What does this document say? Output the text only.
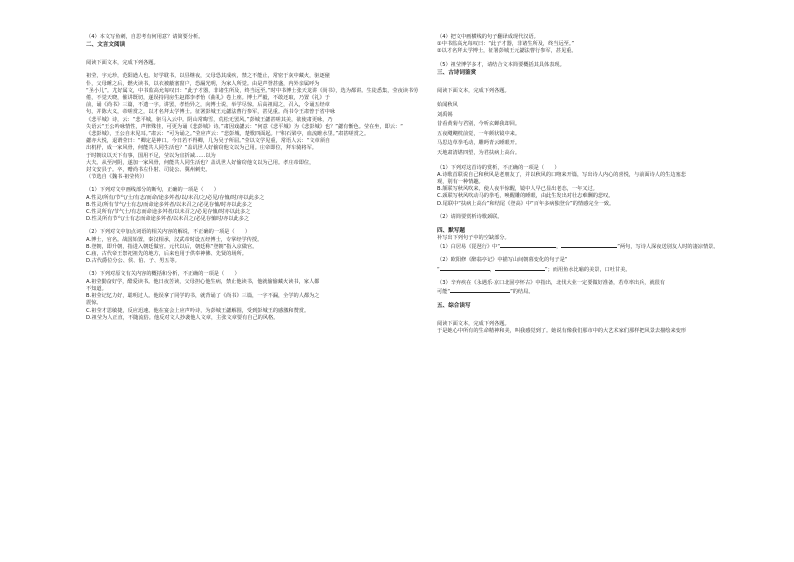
（4）本文写鱼刺，自思考有何用意？请简要分析。
二、文言文阅读
阅读下面文本，完成下列各题。
祖莹，字元珍，范阳遒人也。好学耽书，以昼继夜，父母恐其成疾，禁之不能止，常密于灰中藏火，驱逐僮
仆，父母睡之后，燃火读书，以衣被蔽塞窗户，恐漏光明，为家人所觉。由是声誉甚盛，内外亲属呼为
“圣小儿”。尤好属文，中书监高允每叹曰：“此子才器，非诸生所及，终当远至。”时中书博士张天龙讲《尚书》，选为都讲。生徒悉集，莹夜读书劳
倦，不觉天晓，催讲既切，遂误持同房生赵郡李孝怡《曲礼》卷上座。博士严毅，不敢还取，乃置《礼》于
前，诵《尚书》三篇，不遗一字。讲罢，孝怡异之，向博士说，举学尽惊。后高祖闻之，召入，令诵五经章
句，并陈大义，帝嗟赏之，以才名拜太学博士。征署彭城王元勰法曹行参军，甚见重。尚书令王肃曾于省中咏
《悲平城》诗，云：“悲平城，驱马入云中。阴山常晦雪，荒松无罢风。”彭城王勰甚嗟其美，欲使肃更咏，乃
失语云“王公吟咏情性，声律殊佳，可更为诵《悲彭城》诗。”肃因戏勰云：“何意《悲平城》为《悲彭城》也？”勰有惭色。莹在坐，即云：“
《悲彭城》，王公自未见耳。”肃云：“可为诵之。”莹应声云：“悲彭城，楚歌四面起。尸积石梁亭，血流睢水里。”肃甚嗟赏之。
勰亦大悦，退谓莹曰：“卿定是神口。今日若不得卿，几为吴子所屈。”莹以文学见重，常语人云：“文章须自
出机杼，成一家风骨，何能共人同生活也？”盖讥世人好偷窃他文以为己用。庄帝即位，拜车骑将军。
于时朝议以天下有事，国用不足，莹以为宜折减……以为
大夫。从至河阴，遂加一家风骨，何能共人同生活也？盖讥世人好偷窃他文以为己用。孝庄帝即位，
封文安县子。卒，赠尚书左仆射、司徒公、冀州刺史。
（节选自《魏书·祖莹传》）
（1）下列对文中画线部分的断句，正确的一项是（　　）
A.性灵/所有/节气/士/有志/而命/途多舛者/以/未召/之/必见/存恤/时/亦以此多之
B.性灵/所有节气/士有志/而命途多舛者/以未召之/必见存恤/时亦以此多之
C.性灵所有/节气士/有志而命途多舛者/以未召之/必见存恤/时亦以此多之
D.性灵所有节气/士有志而命途多舛者/以未召之/必见存恤时/亦以此多之
（2）下列对文中加点词语的相关内容的解说，不正确的一项是（　　）
A.博士，官名。战国始置，秦汉相承，汉武帝时设五经博士，专掌经学传授。
B.登朝，即升朝，指进入朝廷做官。元代以后，朝廷称“登朝”指入京做官。
C.庙，古代帝王祭祀祖先的地方，后来也用于供奉神佛、先贤的场所。
D.古代爵位分公、侯、伯、子、男五等。
（3）下列对原文有关内容的概括和分析，不正确的一项是（　　）
A.祖莹勤奋好学，酷爱读书。他日夜苦读，父母担心他生病，禁止他读书，他就偷偷藏火读书，家人都
不知道。
B.祖莹记忆力好，聪明过人。他误拿了同学的书，就背诵了《尚书》三篇，一字不漏，全学的人都为之
震惊。
C.祖莹才思敏捷，反应迅速。他在宴会上应声吟诗，为彭城王勰解围，受到彭城王的感激和赞赏。
D.祖莹为人正直，不随流俗。他反对文人抄袭他人文章，主张文章要有自己的风格。
（4）把文中画横线的句子翻译成现代汉语。
①中书监高允每叹曰：“此子才器，非诸生所及，终当远至。”
②以才名拜太学博士，征署彭城王元勰法曹行参军，甚见重。
（5）祖莹博学多才，请结合文本简要概括其具体表现。
三、古诗词鉴赏
阅读下面文本，完成下列各题。
始闻秋风
刘禹锡
昔看黄菊与君别，今听玄蝉我却回。
五夜飕飗枕前觉，一年颜状镜中来。
马思边草拳毛动，雕眄青云睡眼开。
天地肃清堪四望，为君扶病上高台。
（1）下列对这首诗的赏析，不正确的一项是（　　）
A.诗歌首联说自己和秋风是老朋友了，并以秋风的口吻来开篇，写出诗人内心的喜悦，与前面诗人的生边塞悲
观，别有一种情趣。
B.颔联写秋风吹来，使人夜半惊醒，镜中人早已显出老态，一年又过。
C.颈联写秋风吹动马的拳毛，唤醒雕的睡眼，由此生发出对壮志难酬的悲叹。
D.尾联中“扶病上高台”和结尾《登高》中“百年多病独登台”的情感完全一致。
（2）请简要赏析诗歌颈联。
四、默写题
补写出下列句子中的空缺部分。
（1）白居易《琵琶行》中“	，	”两句，写诗人深夜送别友人时的凄凉情景。
（2）欧阳修《醉翁亭记》中描写山间朝暮变化的句子是“
“	，	”；而用鱼水比喻的美景，口吐甘美。
（3）辛弃疾在《永遇乐·京口北固亭怀古》中指出，北伐大业一定要做好准备，若草率出兵，就很有
可能“	”的结局。
五、综合读写
阅读下面文本，完成下列各题。
于是她心中所有的生命精神和美，叫我感觉到了。她说有像我们那市中的大艺术家们那样把风景去描绘来变形
